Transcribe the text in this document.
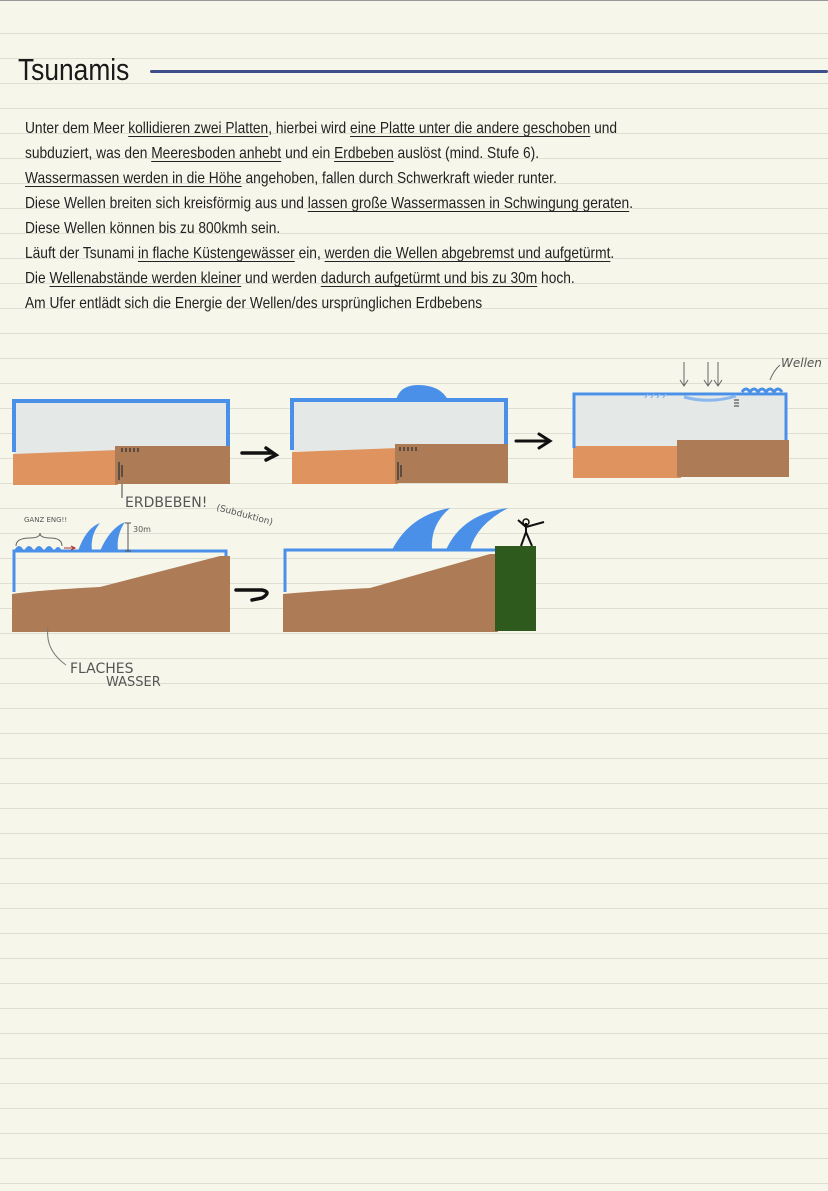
Tsunamis
Unter dem Meer kollidieren zwei Platten, hierbei wird eine Platte unter die andere geschoben und
subduziert, was den Meeresboden anhebt und ein Erdbeben auslöst (mind. Stufe 6).
Wassermassen werden in die Höhe angehoben, fallen durch Schwerkraft wieder runter.
Diese Wellen breiten sich kreisförmig aus und lassen große Wassermassen in Schwingung geraten.
Diese Wellen können bis zu 800kmh sein.
Läuft der Tsunami in flache Küstengewässer ein, werden die Wellen abgebremst und aufgetürmt.
Die Wellenabstände werden kleiner und werden dadurch aufgetürmt und bis zu 30m hoch.
Am Ufer entlädt sich die Energie der Wellen/des ursprünglichen Erdbebens
Wellen
ERDBEBEN!
(Subduktion)
30m
GANZ ENG!!
FLACHES
WASSER
